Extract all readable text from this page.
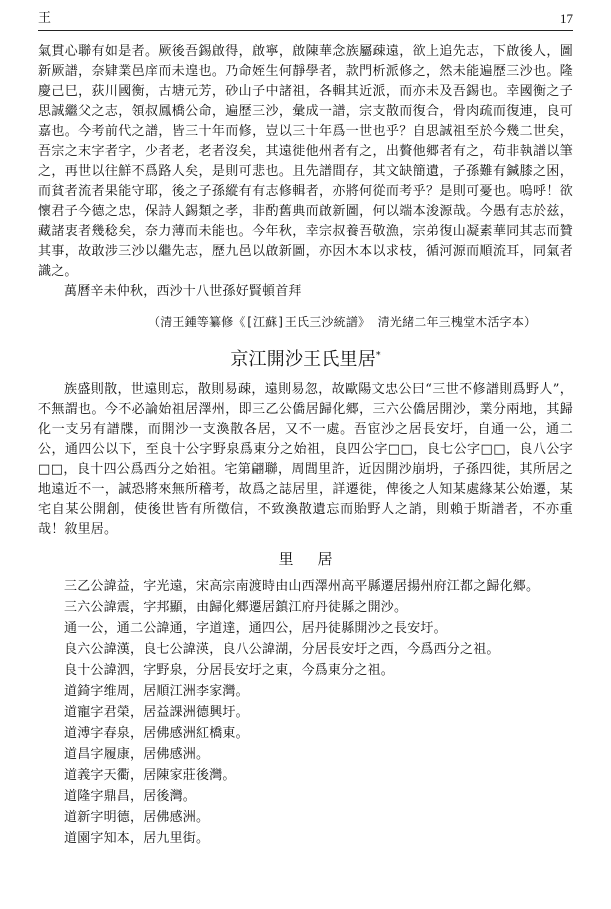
王	17

氣貫心聯有如是者。厥後吾錫啟得，啟寧，啟陳華念族屬疎遠，欲上追先志，下啟後人，圖新厥譜，奈肄業邑庠而未遑也。乃命姪生何靜學者，款門析派修之，然未能遍歷三沙也。隆慶己巳，荻川國衡，古塘元芳，砂山子中諸祖，各輯其近派，而亦未及吾錫也。幸國衡之子思誠繼父之志，領叔鳳橋公命，遍歷三沙，彙成一譜，宗支散而復合，骨肉疏而復連，良可嘉也。今考前代之譜，皆三十年而修，豈以三十年爲一世也乎？自思誠祖至於今幾二世矣，吾宗之末字者字，少者老，老者沒矣，其遠徙他州者有之，出贅他郷者有之，苟非執譜以筆之，再世以往鮮不爲路人矣，是則可悲也。且先譜間存，其文缺簡遺，子孫難有鍼膝之困，而貧者流者果能守耶，後之子孫縱有有志修輯者，亦將何從而考乎？是則可憂也。嗚呼！欲懷君子今德之忠，保詩人錫類之孝，非酌舊典而啟新圖，何以端本浚源哉。今愚有志於兹，藏諸衷者幾稔矣，奈力薄而未能也。今年秋，幸宗叔養吾敬漁，宗弟復山凝素華同其志而贊其事，故敢涉三沙以繼先志，歷九邑以啟新圖，亦因木本以求枝，循河源而順流耳，同氣者識之。

萬曆辛未仲秋，西沙十八世孫好賢頓首拜

（清王鍾等纂修《[江蘇]王氏三沙統譜》 清光緒二年三槐堂木活字本）

京江開沙王氏里居*

族盛則散，世遠則忘，散則易疎，遠則易忽，故歐陽文忠公曰“三世不修譜則爲野人”，不無謂也。今不必論始祖居澤州，即三乙公僑居歸化郷，三六公僑居開沙，業分兩地，其歸化一支另有譜牒，而開沙一支渙散各居，又不一處。吾宦沙之居長安圩，自通一公，通二公，通四公以下，至良十公字野泉爲東分之始祖，良四公字□□，良七公字□□，良八公字□□，良十四公爲西分之始祖。宅第翩聯，周閭里許，近因開沙崩坍，子孫四徙，其所居之地遠近不一，誠恐將來無所稽考，故爲之誌居里，詳遷徙，俾後之人知某處緣某公始遷，某宅自某公開創，使後世皆有所徵信，不致渙散遺忘而貽野人之誚，則賴于斯譜者，不亦重哉！敘里居。

里居

三乙公諱益，字光遠，宋高宗南渡時由山西澤州高平縣遷居揚州府江都之歸化郷。

三六公諱震，字邦顯，由歸化郷遷居鎮江府丹徒縣之開沙。

通一公，通二公諱通，字道達，通四公，居丹徒縣開沙之長安圩。

良六公諱漢，良七公諱渶，良八公諱湖，分居長安圩之西，今爲西分之祖。

良十公諱泗，字野泉，分居長安圩之東，今爲東分之祖。

道錡字维周，居順江洲李家灣。

道寵字君榮，居益課洲德興圩。

道溥字春泉，居佛感洲紅橋東。

道昌字履康，居佛感洲。

道義字天衢，居陳家莊後灣。

道隆字鼎昌，居後灣。

道新字明德，居佛感洲。

道園字知本，居九里街。
